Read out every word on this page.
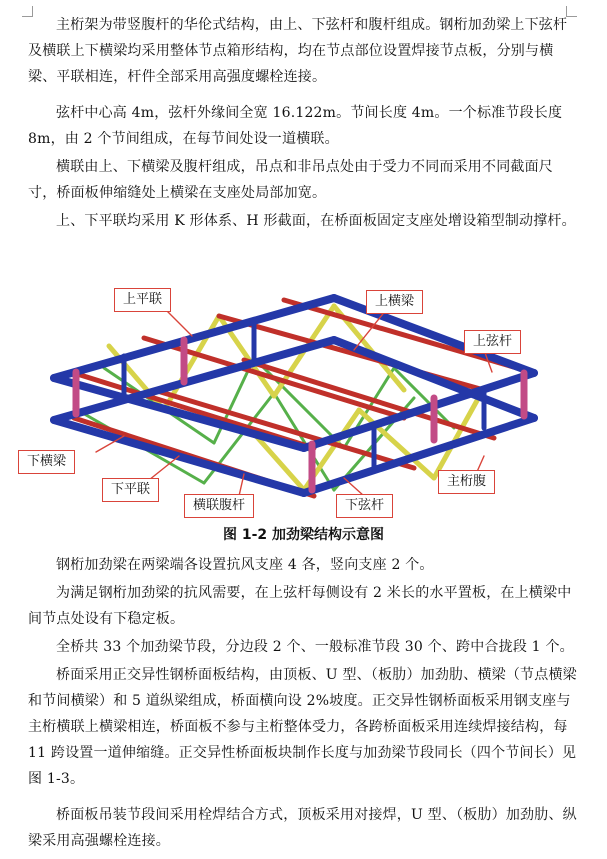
主桁架为带竖腹杆的华伦式结构，由上、下弦杆和腹杆组成。钢桁加劲梁上下弦杆及横联上下横梁均采用整体节点箱形结构，均在节点部位设置焊接节点板，分别与横梁、平联相连，杆件全部采用高强度螺栓连接。

弦杆中心高 4m，弦杆外缘间全宽 16.122m。节间长度 4m。一个标准节段长度 8m，由 2 个节间组成，在每节间处设一道横联。

横联由上、下横梁及腹杆组成，吊点和非吊点处由于受力不同而采用不同截面尺寸，桥面板伸缩缝处上横梁在支座处局部加宽。

上、下平联均采用 K 形体系、H 形截面，在桥面板固定支座处增设箱型制动撑杆。

上平联	上横梁
上弦杆
下横梁
下平联
横联腹杆	下弦杆
主桁腹
图 1-2 加劲梁结构示意图

钢桁加劲梁在两梁端各设置抗风支座 4 各，竖向支座 2 个。

为满足钢桁加劲梁的抗风需要，在上弦杆每侧设有 2 米长的水平置板，在上横梁中间节点处设有下稳定板。

全桥共 33 个加劲梁节段，分边段 2 个、一般标准节段 30 个、跨中合拢段 1 个。

桥面采用正交异性钢桥面板结构，由顶板、U 型、（板肋）加劲肋、横梁（节点横梁和节间横梁）和 5 道纵梁组成，桥面横向设 2%坡度。正交异性钢桥面板采用钢支座与主桁横联上横梁相连，桥面板不参与主桁整体受力，各跨桥面板采用连续焊接结构，每 11 跨设置一道伸缩缝。正交异性桥面板块制作长度与加劲梁节段同长（四个节间长）见图 1-3。

桥面板吊装节段间采用栓焊结合方式，顶板采用对接焊，U 型、（板肋）加劲肋、纵梁采用高强螺栓连接。
